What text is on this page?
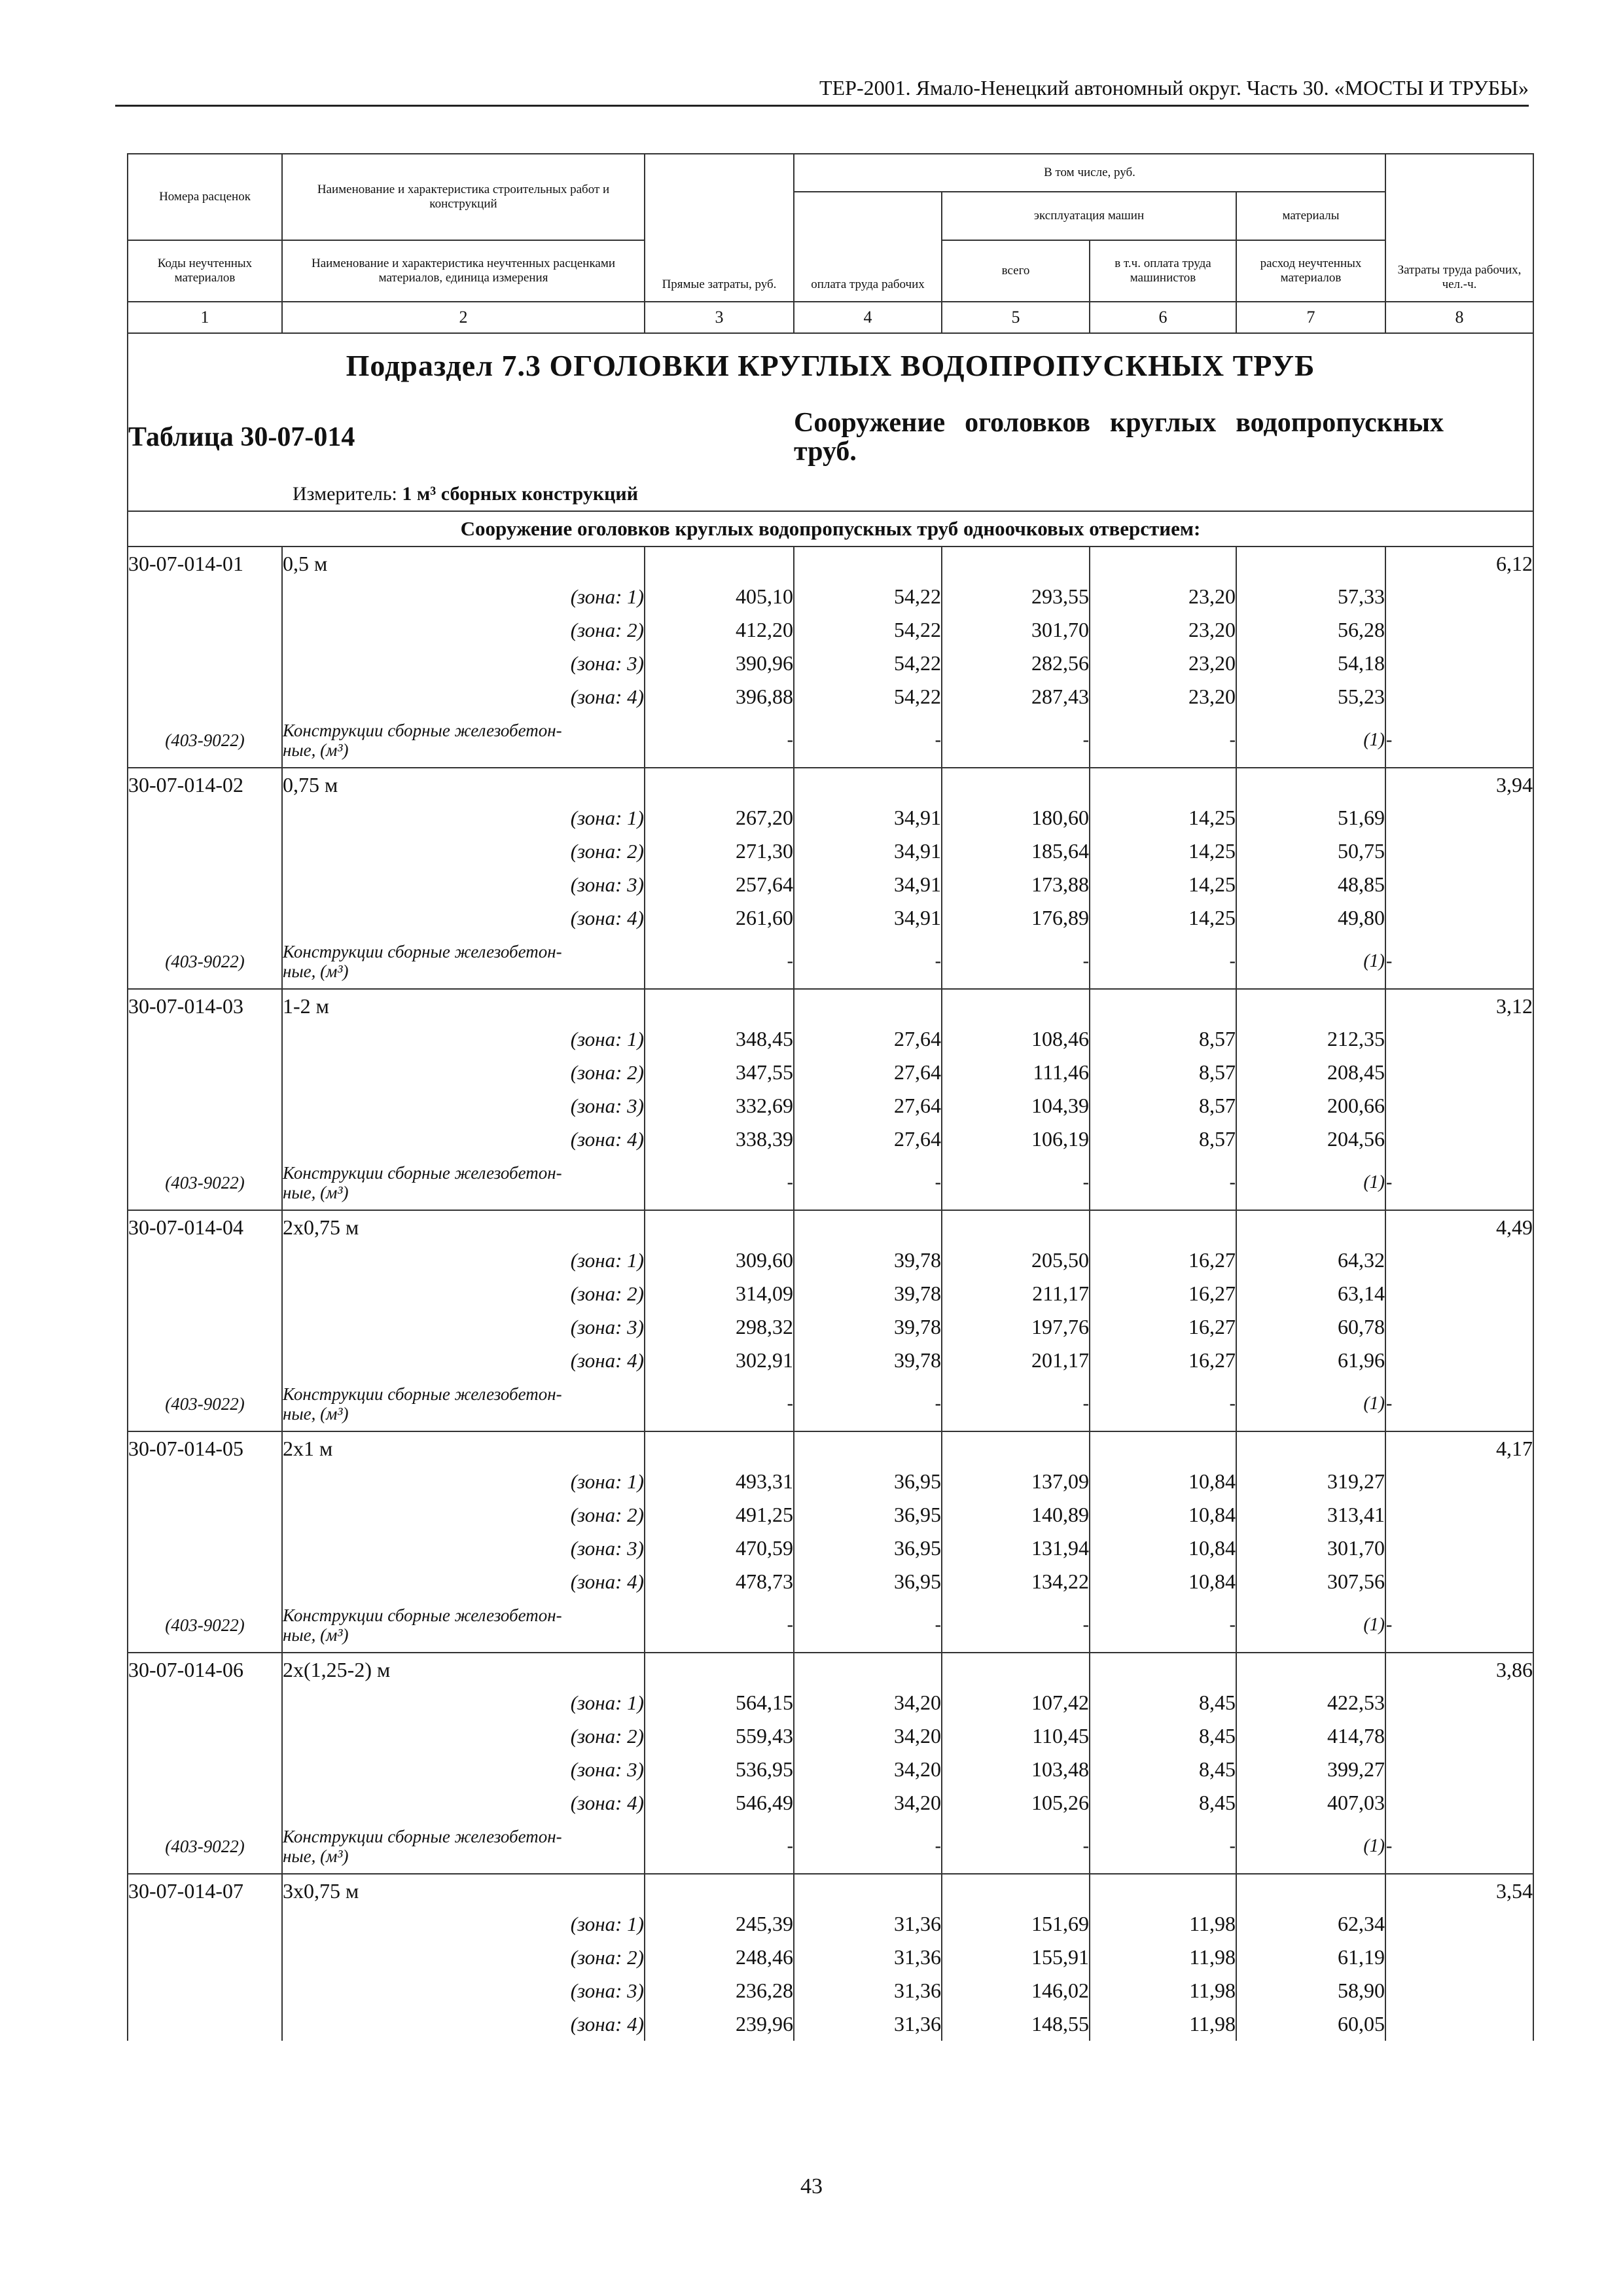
ТЕР-2001. Ямало-Ненецкий автономный округ. Часть 30. «МОСТЫ И ТРУБЫ»
Номера расценок	Наименование и характеристика строительных работ и конструкций	Прямые затраты, руб.	В том числе, руб.				Затраты труда рабочих, чел.-ч.
			оплата труда рабочих	эксплуатация машин		материалы	
Коды неучтенных материалов	Наименование и характеристика неучтенных расценками материалов, единица измерения			всего	в т.ч. оплата труда машинистов	расход неучтенных материалов	
1	2	3	4	5	6	7	8
Подраздел 7.3 ОГОЛОВКИ КРУГЛЫХ ВОДОПРОПУСКНЫХ ТРУБ							
Таблица 30-07-014			Сооружение оголовков круглых водопропускных
труб.				

	Измеритель: 1 м³ сборных конструкций						
Сооружение оголовков круглых водопропускных труб одноочковых отверстием:							
30-07-014-01	0,5 м						6,12
	(зона: 1)	405,10	54,22	293,55	23,20	57,33	
	(зона: 2)	412,20	54,22	301,70	23,20	56,28	
	(зона: 3)	390,96	54,22	282,56	23,20	54,18	
	(зона: 4)	396,88	54,22	287,43	23,20	55,23	
(403-9022)	Конструкции сборные железобетон-
ные, (м³)	-	-	-	-	(1)	-
30-07-014-02	0,75 м						3,94
	(зона: 1)	267,20	34,91	180,60	14,25	51,69	
	(зона: 2)	271,30	34,91	185,64	14,25	50,75	
	(зона: 3)	257,64	34,91	173,88	14,25	48,85	
	(зона: 4)	261,60	34,91	176,89	14,25	49,80	
(403-9022)	Конструкции сборные железобетон-
ные, (м³)	-	-	-	-	(1)	-
30-07-014-03	1-2 м						3,12
	(зона: 1)	348,45	27,64	108,46	8,57	212,35	
	(зона: 2)	347,55	27,64	111,46	8,57	208,45	
	(зона: 3)	332,69	27,64	104,39	8,57	200,66	
	(зона: 4)	338,39	27,64	106,19	8,57	204,56	
(403-9022)	Конструкции сборные железобетон-
ные, (м³)	-	-	-	-	(1)	-
30-07-014-04	2х0,75 м						4,49
	(зона: 1)	309,60	39,78	205,50	16,27	64,32	
	(зона: 2)	314,09	39,78	211,17	16,27	63,14	
	(зона: 3)	298,32	39,78	197,76	16,27	60,78	
	(зона: 4)	302,91	39,78	201,17	16,27	61,96	
(403-9022)	Конструкции сборные железобетон-
ные, (м³)	-	-	-	-	(1)	-
30-07-014-05	2х1 м						4,17
	(зона: 1)	493,31	36,95	137,09	10,84	319,27	
	(зона: 2)	491,25	36,95	140,89	10,84	313,41	
	(зона: 3)	470,59	36,95	131,94	10,84	301,70	
	(зона: 4)	478,73	36,95	134,22	10,84	307,56	
(403-9022)	Конструкции сборные железобетон-
ные, (м³)	-	-	-	-	(1)	-
30-07-014-06	2х(1,25-2) м						3,86
	(зона: 1)	564,15	34,20	107,42	8,45	422,53	
	(зона: 2)	559,43	34,20	110,45	8,45	414,78	
	(зона: 3)	536,95	34,20	103,48	8,45	399,27	
	(зона: 4)	546,49	34,20	105,26	8,45	407,03	
(403-9022)	Конструкции сборные железобетон-
ные, (м³)	-	-	-	-	(1)	-
30-07-014-07	3х0,75 м						3,54
	(зона: 1)	245,39	31,36	151,69	11,98	62,34	
	(зона: 2)	248,46	31,36	155,91	11,98	61,19	
	(зона: 3)	236,28	31,36	146,02	11,98	58,90	
	(зона: 4)	239,96	31,36	148,55	11,98	60,05	
43
